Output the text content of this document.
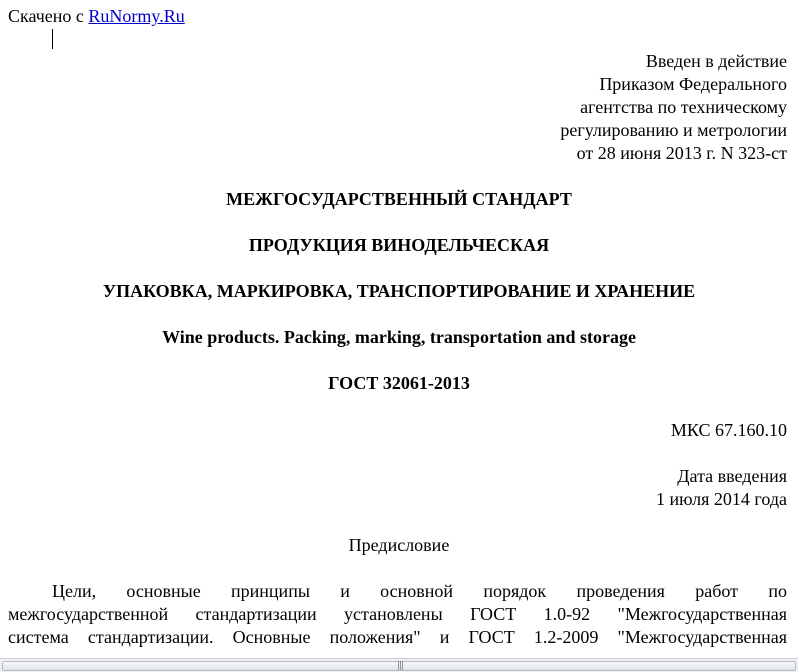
Скачено с RuNormy.Ru
Введен в действие
Приказом Федерального
агентства по техническому
регулированию и метрологии
от 28 июня 2013 г. N 323-ст
МЕЖГОСУДАРСТВЕННЫЙ СТАНДАРТ
ПРОДУКЦИЯ ВИНОДЕЛЬЧЕСКАЯ
УПАКОВКА, МАРКИРОВКА, ТРАНСПОРТИРОВАНИЕ И ХРАНЕНИЕ
Wine products. Packing, marking, transportation and storage
ГОСТ 32061-2013
МКС 67.160.10
Дата введения
1 июля 2014 года
Предисловие
Цели, основные принципы и основной порядок проведения работ по
межгосударственной стандартизации установлены ГОСТ 1.0-92 "Межгосударственная
система стандартизации. Основные положения" и ГОСТ 1.2-2009 "Межгосударственная
|||
